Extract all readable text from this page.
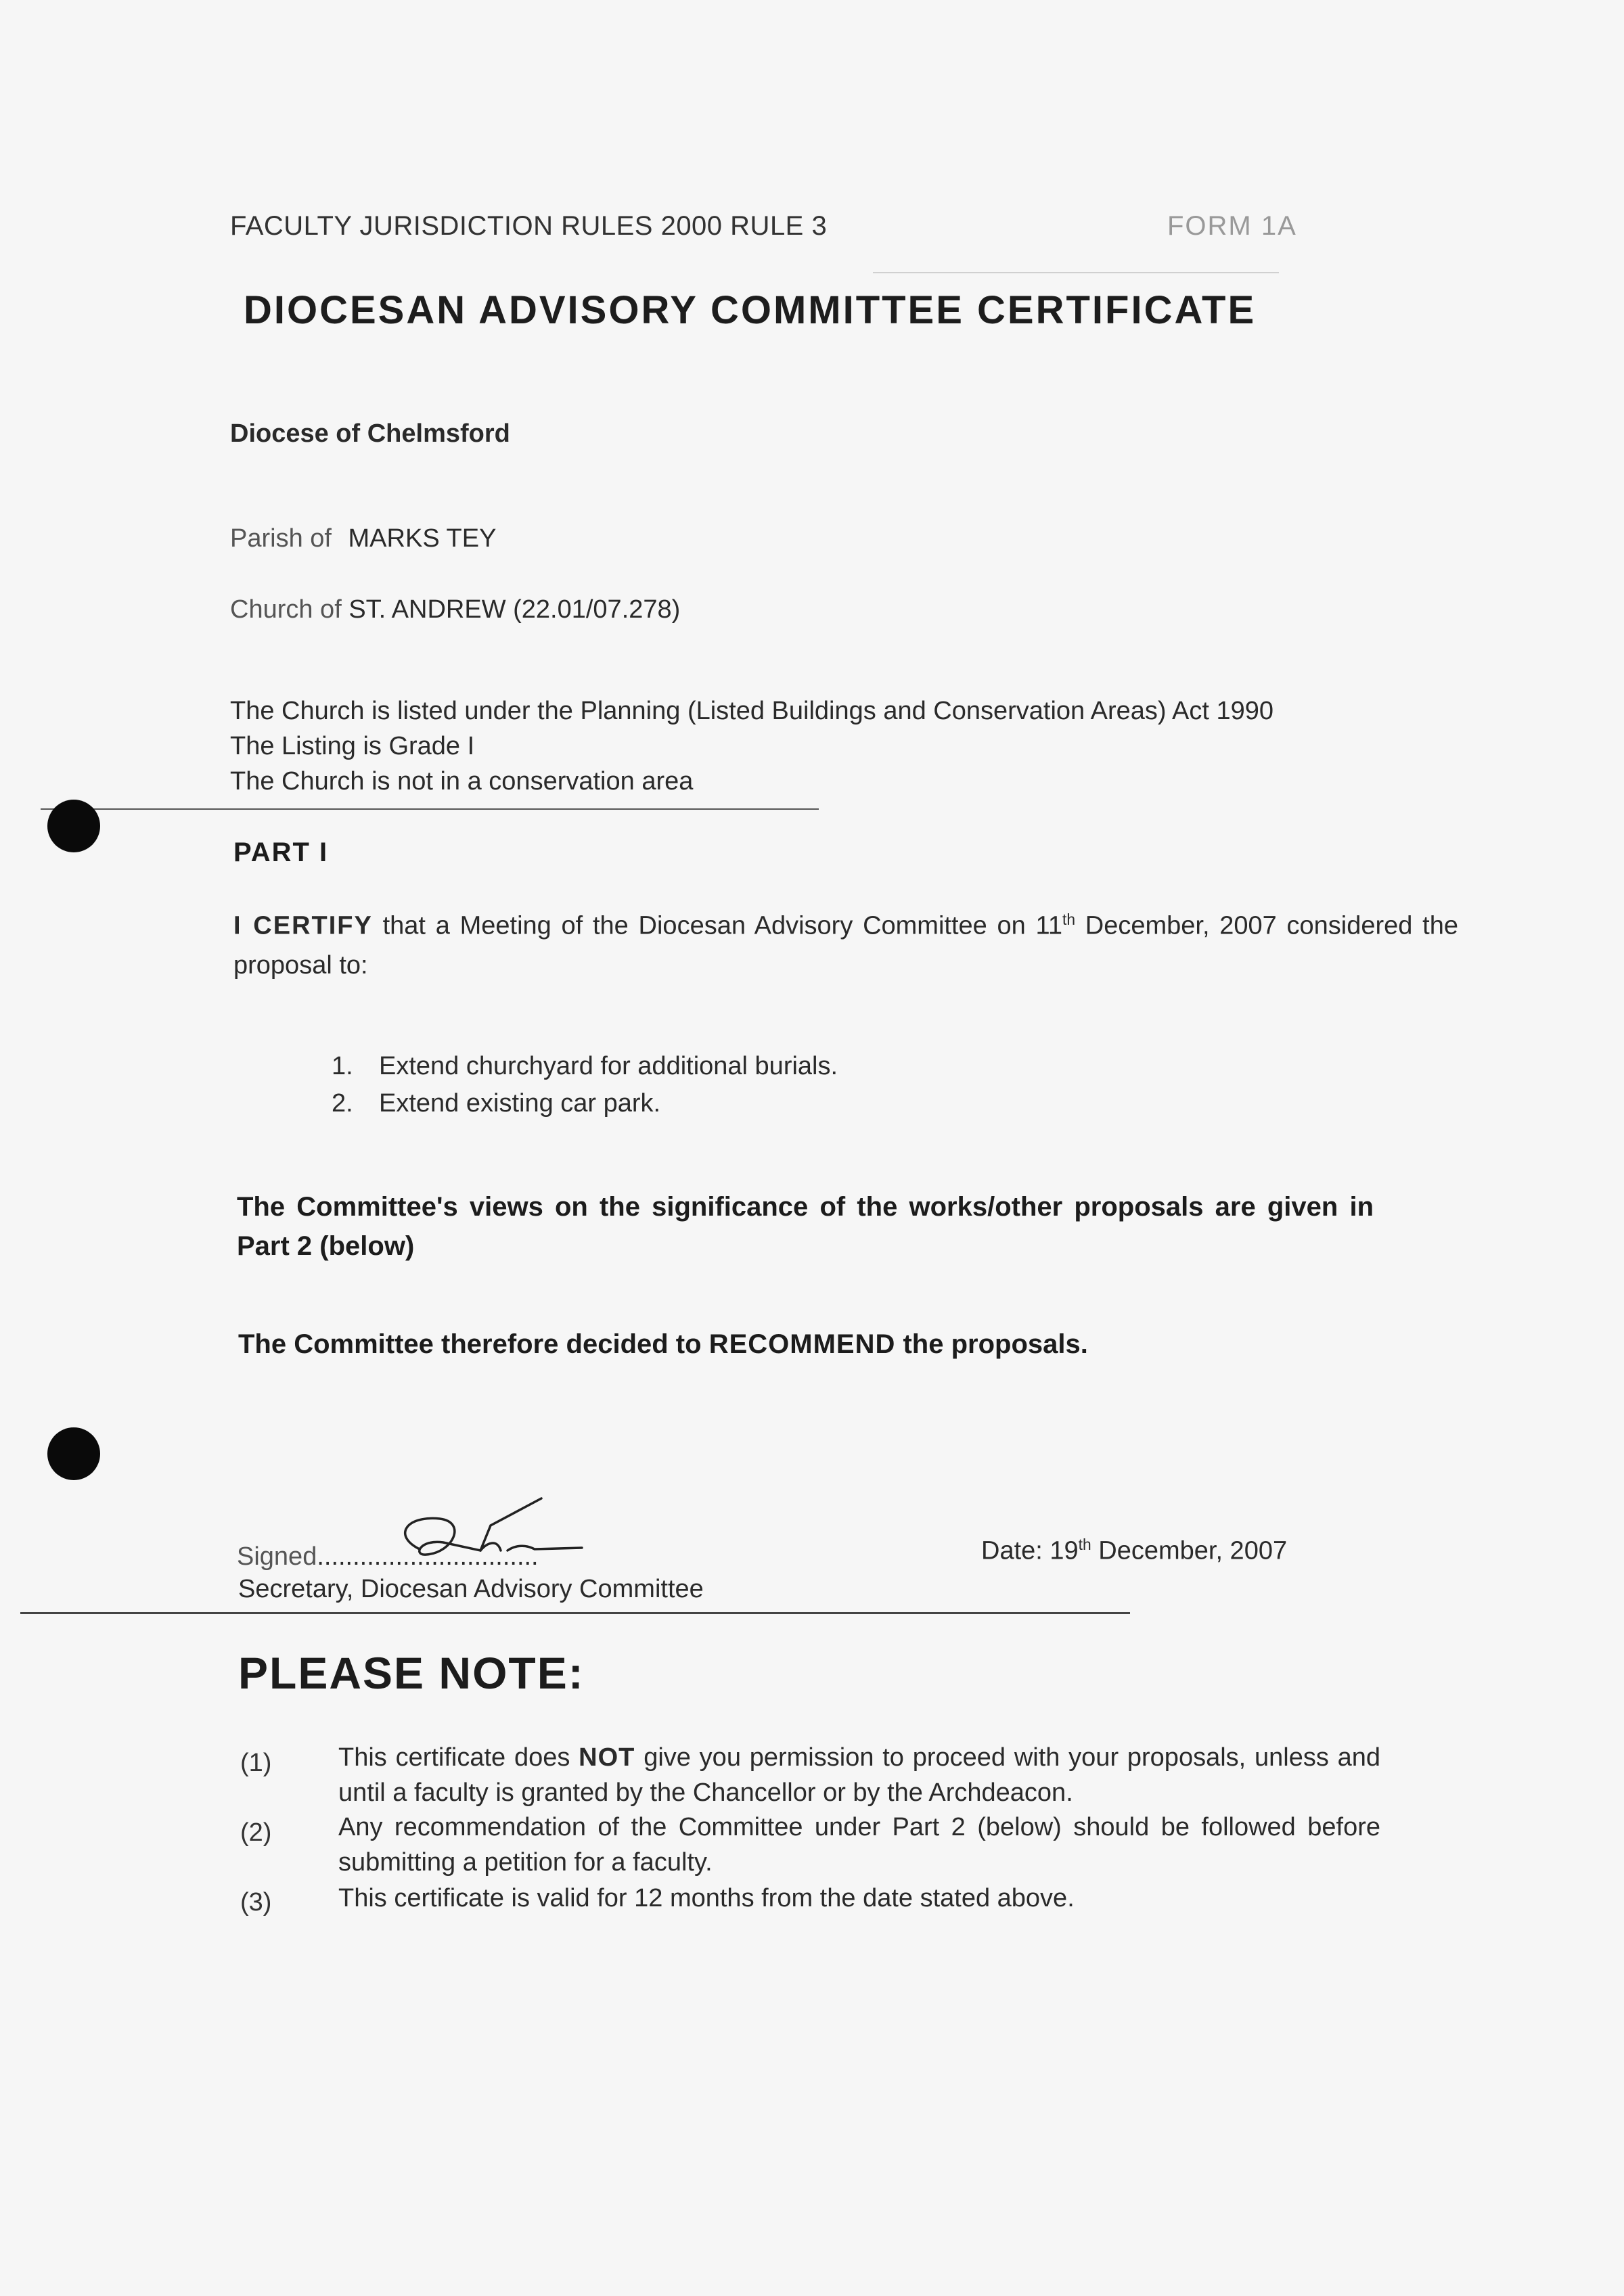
FACULTY JURISDICTION RULES 2000 RULE 3	FORM 1A
DIOCESAN ADVISORY COMMITTEE CERTIFICATE
Diocese of Chelmsford
Parish of MARKS TEY
Church of ST. ANDREW (22.01/07.278)
The Church is listed under the Planning (Listed Buildings and Conservation Areas) Act 1990
The Listing is Grade I
The Church is not in a conservation area
PART I
I CERTIFY that a Meeting of the Diocesan Advisory Committee on 11th December, 2007 considered the proposal to:
1. Extend churchyard for additional burials.
2. Extend existing car park.
The Committee's views on the significance of the works/other proposals are given in Part 2 (below)
The Committee therefore decided to RECOMMEND the proposals.
Signed...............................
Secretary, Diocesan Advisory Committee
Date: 19th December, 2007
PLEASE NOTE:
(1)	This certificate does NOT give you permission to proceed with your proposals, unless and until a faculty is granted by the Chancellor or by the Archdeacon.
(2)	Any recommendation of the Committee under Part 2 (below) should be followed before submitting a petition for a faculty.
(3)	This certificate is valid for 12 months from the date stated above.
